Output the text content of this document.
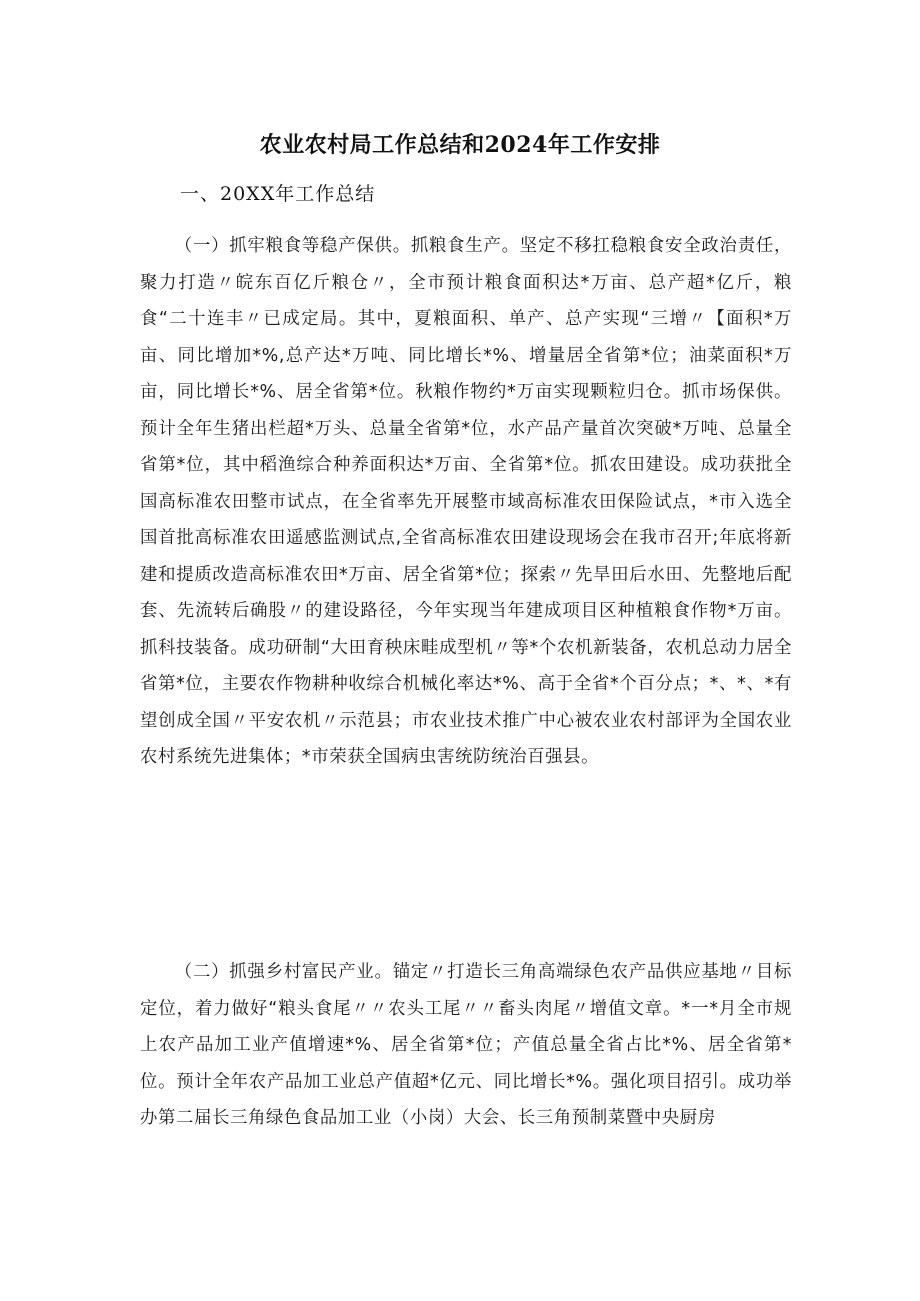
农业农村局工作总结和2024年工作安排
一、20XX年工作总结
（一）抓牢粮食等稳产保供。抓粮食生产。坚定不移扛稳粮食安全政治责任，聚力打造〃皖东百亿斤粮仓〃，全市预计粮食面积达*万亩、总产超*亿斤，粮食“二十连丰〃已成定局。其中，夏粮面积、单产、总产实现“三增〃【面积*万亩、同比增加*%,总产达*万吨、同比增长*%、增量居全省第*位；油菜面积*万亩，同比增长*%、居全省第*位。秋粮作物约*万亩实现颗粒归仓。抓市场保供。预计全年生猪出栏超*万头、总量全省第*位，水产品产量首次突破*万吨、总量全省第*位，其中稻渔综合种养面积达*万亩、全省第*位。抓农田建设。成功获批全国高标准农田整市试点，在全省率先开展整市域高标准农田保险试点，*市入选全国首批高标准农田遥感监测试点,全省高标准农田建设现场会在我市召开;年底将新建和提质改造高标准农田*万亩、居全省第*位；探索〃先旱田后水田、先整地后配套、先流转后确股〃的建设路径，今年实现当年建成项目区种植粮食作物*万亩。抓科技装备。成功研制“大田育秧床畦成型机〃等*个农机新装备，农机总动力居全省第*位，主要农作物耕种收综合机械化率达*%、高于全省*个百分点；*、*、*有望创成全国〃平安农机〃示范县；市农业技术推广中心被农业农村部评为全国农业农村系统先进集体；*市荣获全国病虫害统防统治百强县。
（二）抓强乡村富民产业。锚定〃打造长三角高端绿色农产品供应基地〃目标定位，着力做好“粮头食尾〃〃农头工尾〃〃畜头肉尾〃增值文章。*一*月全市规上农产品加工业产值增速*%、居全省第*位；产值总量全省占比*%、居全省第*位。预计全年农产品加工业总产值超*亿元、同比增长*%。强化项目招引。成功举办第二届长三角绿色食品加工业（小岗）大会、长三角预制菜暨中央厨房
